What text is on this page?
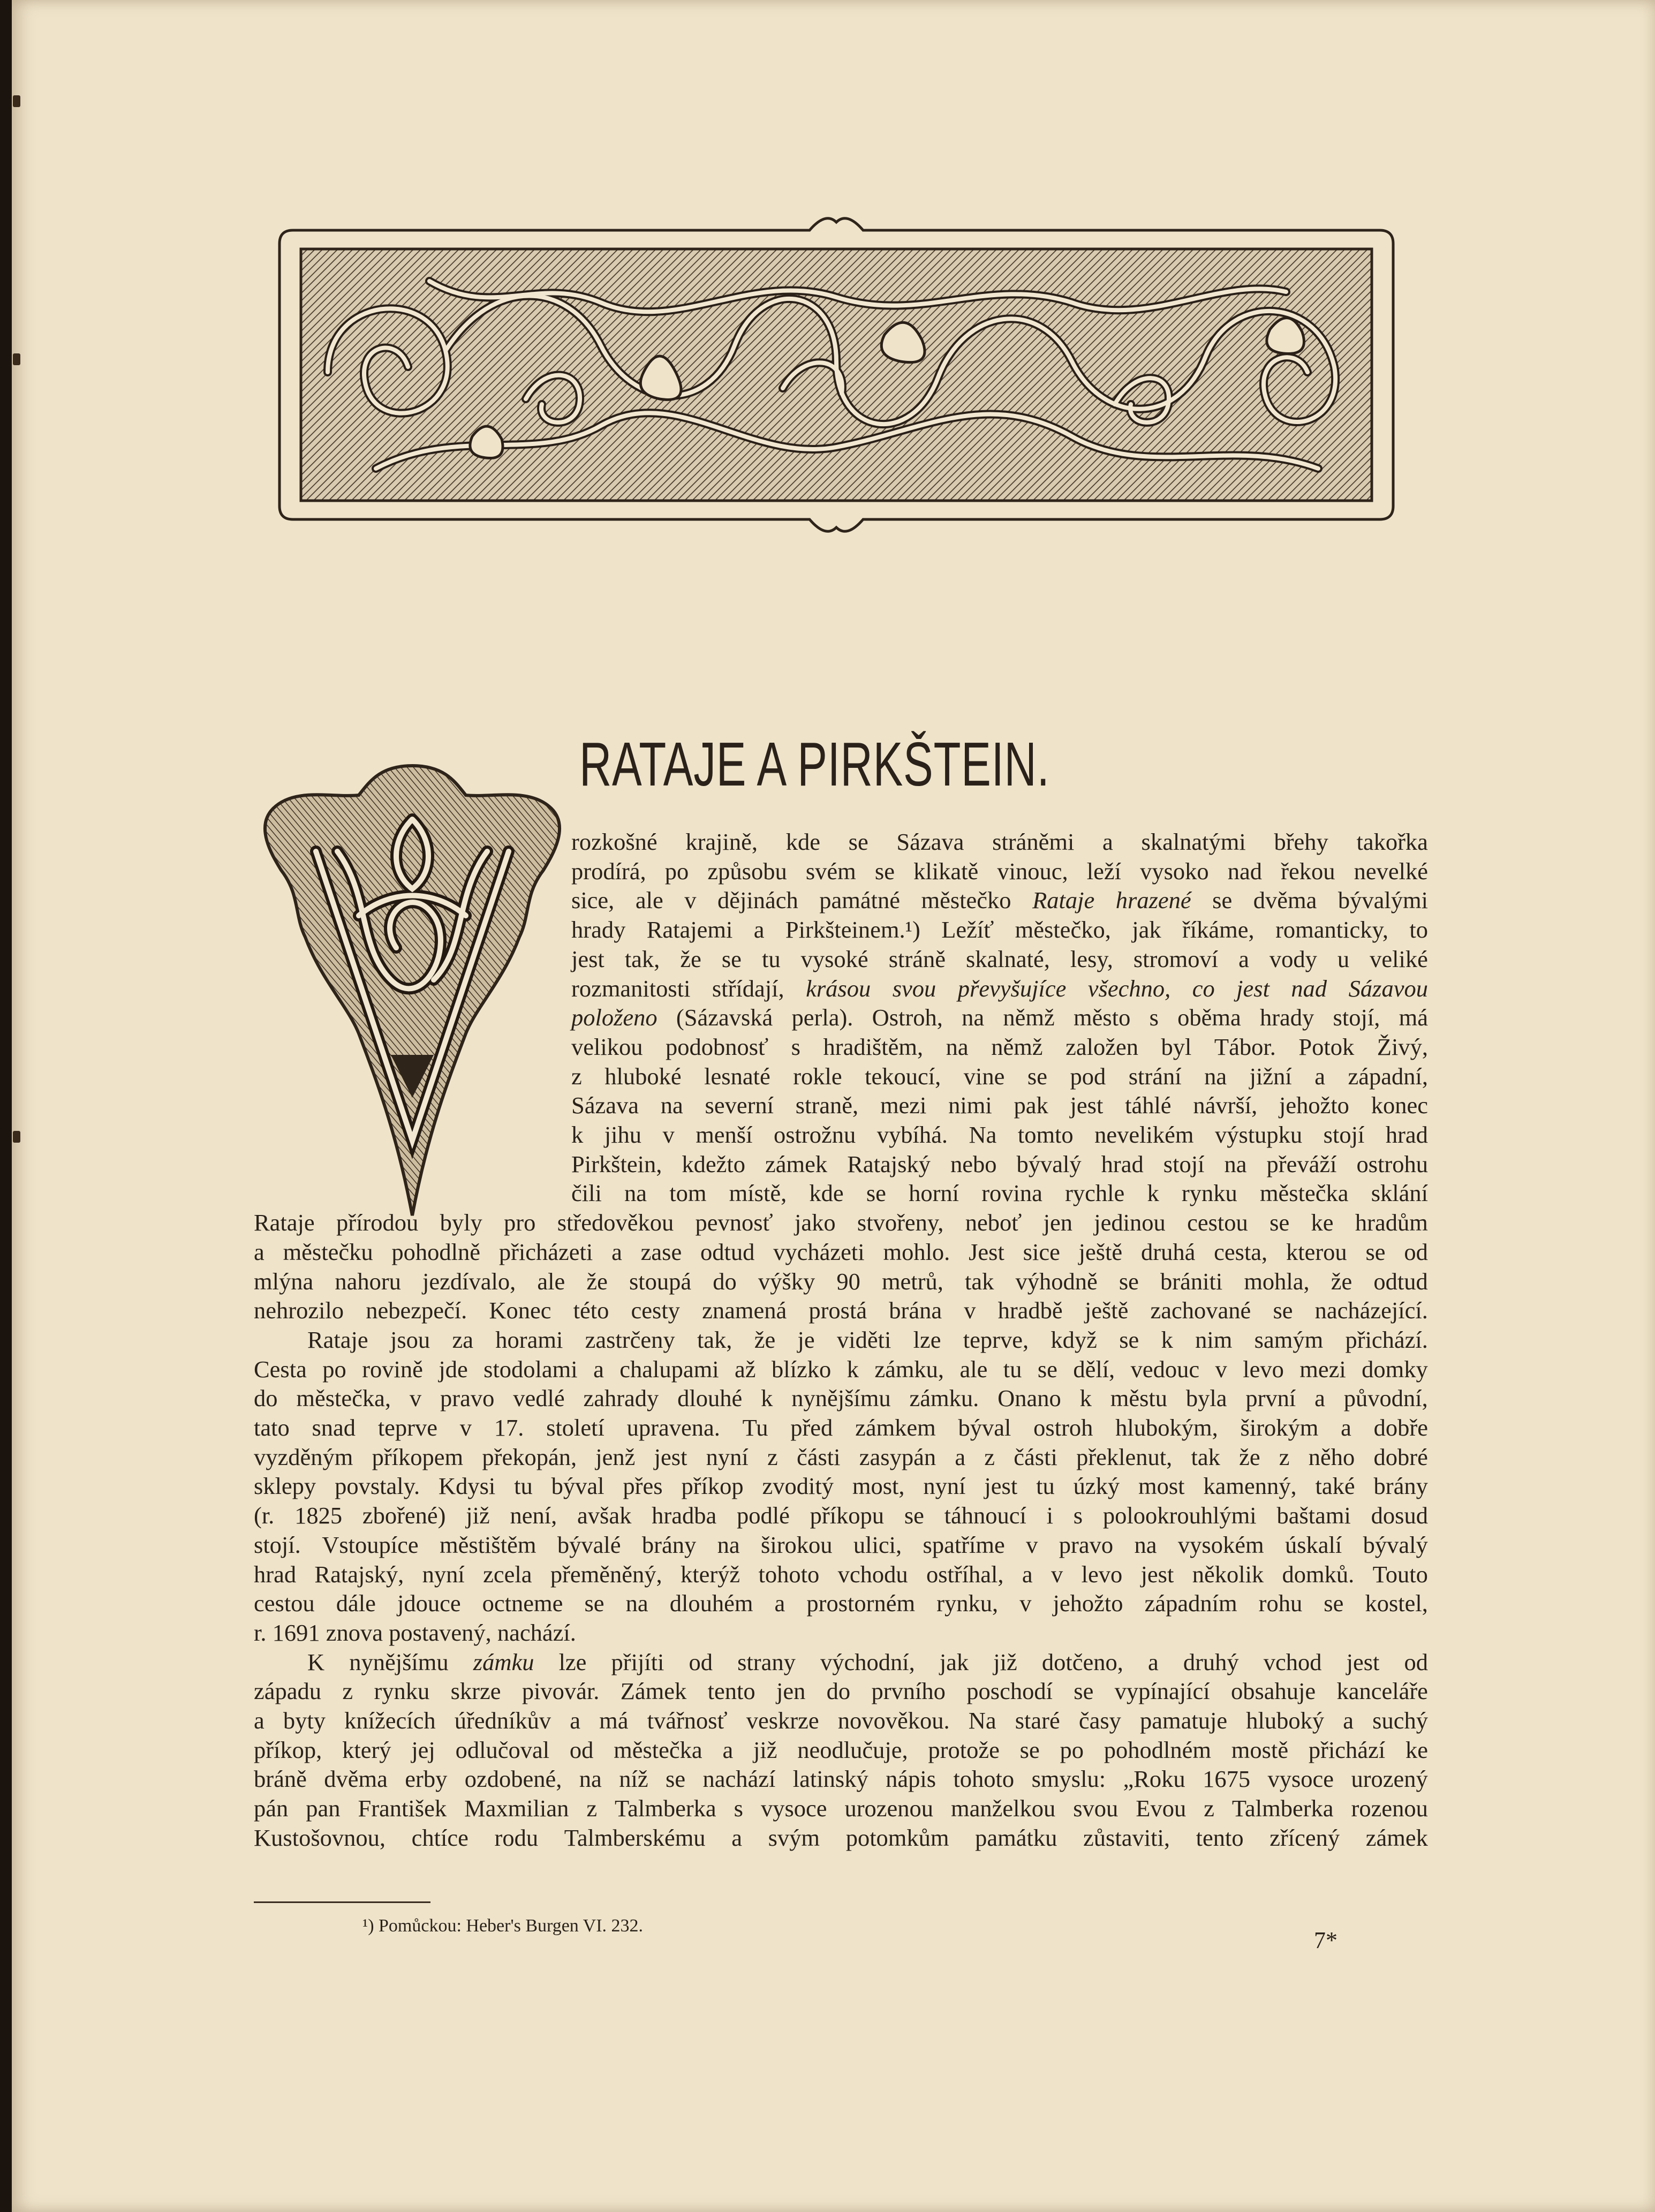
RATAJE A PIRKŠTEIN.
rozkošné krajině, kde se Sázava stráněmi a skalnatými břehy takořka
prodírá, po způsobu svém se klikatě vinouc, leží vysoko nad řekou nevelké
sice, ale v dějinách památné městečko Rataje hrazené se dvěma bývalými
hrady Ratajemi a Pirkšteinem.¹) Ležíť městečko, jak říkáme, romanticky, to
jest tak, že se tu vysoké stráně skalnaté, lesy, stromoví a vody u veliké
rozmanitosti střídají, krásou svou převyšujíce všechno, co jest nad Sázavou
položeno (Sázavská perla). Ostroh, na němž město s oběma hrady stojí, má
velikou podobnosť s hradištěm, na němž založen byl Tábor. Potok Živý,
z hluboké lesnaté rokle tekoucí, vine se pod strání na jižní a západní,
Sázava na severní straně, mezi nimi pak jest táhlé návrší, jehožto konec
k jihu v menší ostrožnu vybíhá. Na tomto nevelikém výstupku stojí hrad
Pirkštein, kdežto zámek Ratajský nebo bývalý hrad stojí na převáží ostrohu
čili na tom místě, kde se horní rovina rychle k rynku městečka sklání
Rataje přírodou byly pro středověkou pevnosť jako stvořeny, neboť jen jedinou cestou se ke hradům
a městečku pohodlně přicházeti a zase odtud vycházeti mohlo. Jest sice ještě druhá cesta, kterou se od
mlýna nahoru jezdívalo, ale že stoupá do výšky 90 metrů, tak výhodně se brániti mohla, že odtud
nehrozilo nebezpečí. Konec této cesty znamená prostá brána v hradbě ještě zachované se nacházející.
Rataje jsou za horami zastrčeny tak, že je viděti lze teprve, když se k nim samým přichází.
Cesta po rovině jde stodolami a chalupami až blízko k zámku, ale tu se dělí, vedouc v levo mezi domky
do městečka, v pravo vedlé zahrady dlouhé k nynějšímu zámku. Onano k městu byla první a původní,
tato snad teprve v 17. století upravena. Tu před zámkem býval ostroh hlubokým, širokým a dobře
vyzděným příkopem překopán, jenž jest nyní z části zasypán a z části překlenut, tak že z něho dobré
sklepy povstaly. Kdysi tu býval přes příkop zvoditý most, nyní jest tu úzký most kamenný, také brány
(r. 1825 zbořené) již není, avšak hradba podlé příkopu se táhnoucí i s polookrouhlými baštami dosud
stojí. Vstoupíce městištěm bývalé brány na širokou ulici, spatříme v pravo na vysokém úskalí bývalý
hrad Ratajský, nyní zcela přeměněný, kterýž tohoto vchodu ostříhal, a v levo jest několik domků. Touto
cestou dále jdouce octneme se na dlouhém a prostorném rynku, v jehožto západním rohu se kostel,
r. 1691 znova postavený, nachází.
K nynějšímu zámku lze přijíti od strany východní, jak již dotčeno, a druhý vchod jest od
západu z rynku skrze pivovár. Zámek tento jen do prvního poschodí se vypínající obsahuje kanceláře
a byty knížecích úředníkův a má tvářnosť veskrze novověkou. Na staré časy pamatuje hluboký a suchý
příkop, který jej odlučoval od městečka a již neodlučuje, protože se po pohodlném mostě přichází ke
bráně dvěma erby ozdobené, na níž se nachází latinský nápis tohoto smyslu: „Roku 1675 vysoce urozený
pán pan František Maxmilian z Talmberka s vysoce urozenou manželkou svou Evou z Talmberka rozenou
Kustošovnou, chtíce rodu Talmberskému a svým potomkům památku zůstaviti, tento zřícený zámek
¹) Pomůckou: Heber's Burgen VI. 232.
7*
